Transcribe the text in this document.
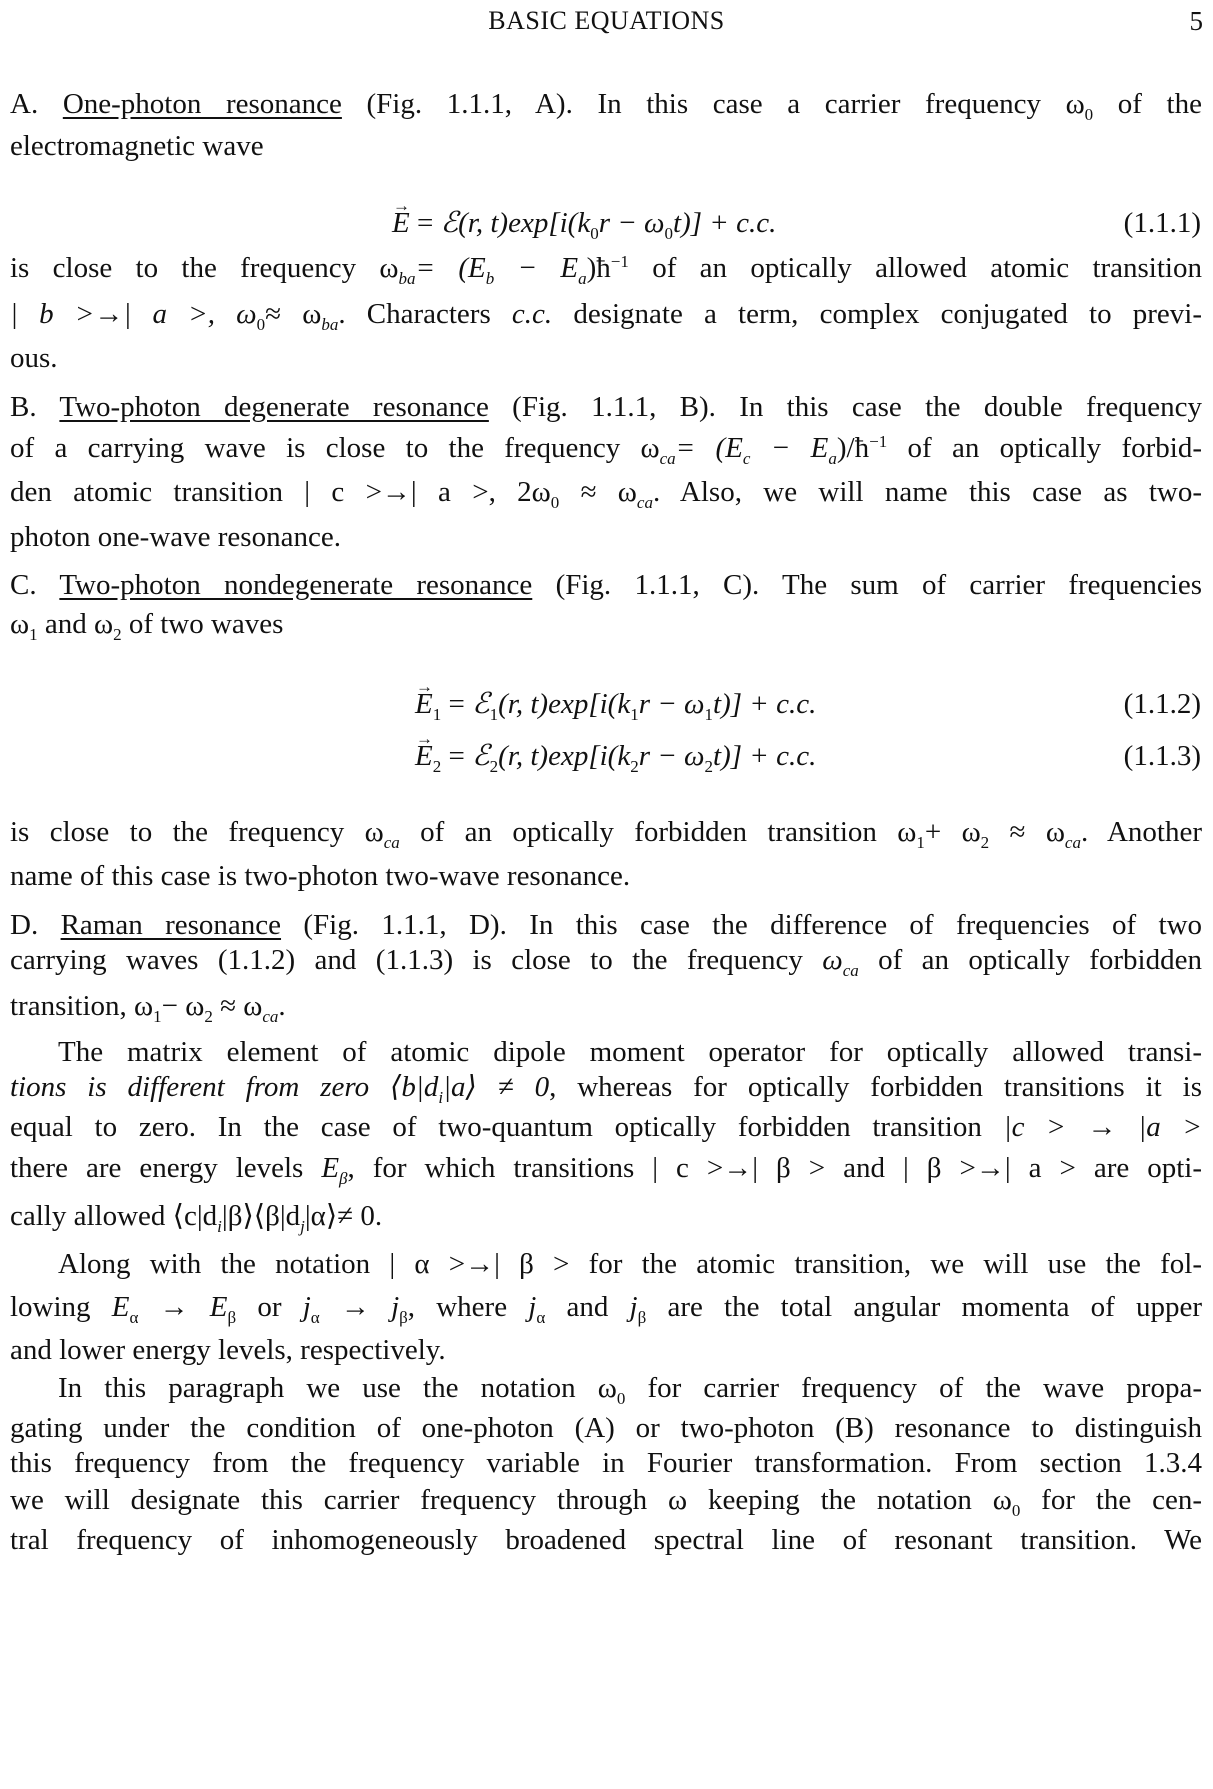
BASIC EQUATIONS	5
A. One-photon resonance (Fig. 1.1.1, A). In this case a carrier frequency $\omega_0$ of the
electromagnetic wave
→ E = ℰ(r, $t)\exp[i(k_0r - \omega_0t)] + c.c$.	(1.1.1)
is close to the frequency $\omega_{ba}= (E_b$ − $E_a)ħ^{-1}$ of an optically allowed atomic transition
| b >→| a >, $\omega_0\approx \omega_{ba}$. Characters c.c. designate a term, complex conjugated to previ-
ous.
B. Two-photon degenerate resonance (Fig. 1.1.1, B). In this case the double frequency
of a carrying wave is close to the frequency $\omega_{ca}= (E_c$ − $E_a)/ħ^{-1}$ of an optically forbid-
den atomic transition | c >→| a >, $2\omega_0 \approx \omega_{ca}$. Also, we will name this case as two-
photon one-wave resonance.
C. Two-photon nondegenerate resonance (Fig. 1.1.1, C). The sum of carrier frequencies
$\omega_1$ and $\omega_2$ of two waves
→ $E_1$ = ℰ$_1$(r, $t)\exp[i(k_1r - \omega_1t)] + c.c$.	(1.1.2)
→ $E_2$ = ℰ$_2$(r, $t)\exp[i(k_2r - \omega_2t)] + c.c$.	(1.1.3)
is close to the frequency $\omega_{ca}$ of an optically forbidden transition $\omega_1+ \omega_2 \approx \omega_{ca}$. Another
name of this case is two-photon two-wave resonance.
D. Raman resonance (Fig. 1.1.1, D). In this case the difference of frequencies of two
carrying waves (1.1.2) and (1.1.3) is close to the frequency $\omega_{ca}$ of an optically forbidden
transition, $\omega_1- \omega_2 \approx \omega_{ca}$.
The matrix element of atomic dipole moment operator for optically allowed transi-
tions is different from zero $⟨b|d_i|a⟩ \ne 0$, whereas for optically forbidden transitions it is
equal to zero. In the case of two-quantum optically forbidden transition |c > → |a >
there are energy levels $E_\beta$, for which transitions | c >→| β > and | β >→| a > are opti-
cally allowed $⟨c|d_i|\beta⟩⟨\beta|d_j|\alpha⟩\ne 0$.
Along with the notation | α >→| β > for the atomic transition, we will use the fol-
lowing $E_\alpha \to E_\beta$ or $j_\alpha \to j_\beta$, where $j_\alpha$ and $j_\beta$ are the total angular momenta of upper
and lower energy levels, respectively.
In this paragraph we use the notation $\omega_0$ for carrier frequency of the wave propa-
gating under the condition of one-photon (A) or two-photon (B) resonance to distinguish
this frequency from the frequency variable in Fourier transformation. From section 1.3.4
we will designate this carrier frequency through ω keeping the notation $\omega_0$ for the cen-
tral frequency of inhomogeneously broadened spectral line of resonant transition. We
